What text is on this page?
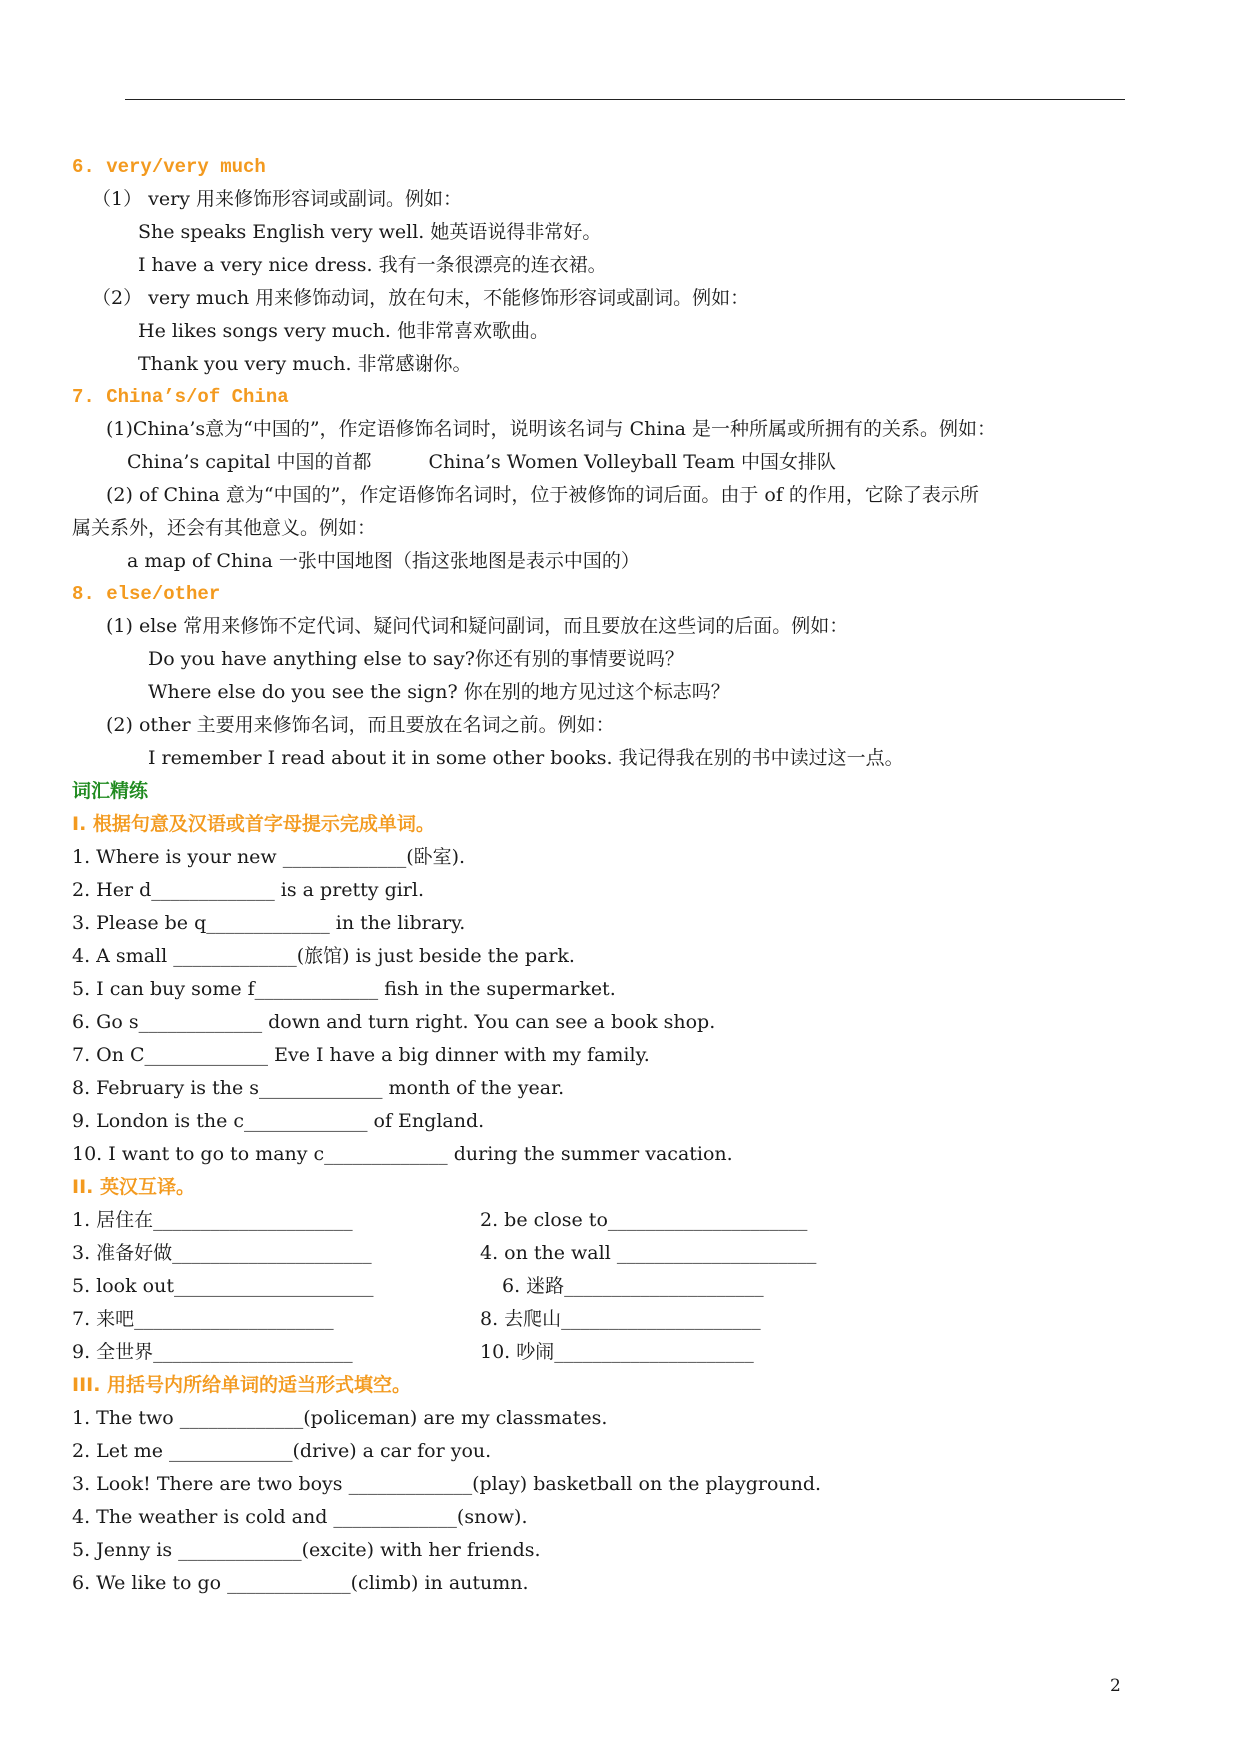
6. very/very much
（1） very 用来修饰形容词或副词。例如：
She speaks English very well. 她英语说得非常好。
I have a very nice dress. 我有一条很漂亮的连衣裙。
（2） very much 用来修饰动词，放在句末，不能修饰形容词或副词。例如：
He likes songs very much. 他非常喜欢歌曲。
Thank you very much. 非常感谢你。
7. China’s/of China
(1)China’s意为“中国的”，作定语修饰名词时，说明该名词与 China 是一种所属或所拥有的关系。例如：
China’s capital 中国的首都　　　China’s Women Volleyball Team 中国女排队
(2) of China 意为“中国的”，作定语修饰名词时，位于被修饰的词后面。由于 of 的作用，它除了表示所
属关系外，还会有其他意义。例如：
a map of China 一张中国地图（指这张地图是表示中国的）
8. else/other
(1) else 常用来修饰不定代词、疑问代词和疑问副词，而且要放在这些词的后面。例如：
Do you have anything else to say?你还有别的事情要说吗？
Where else do you see the sign? 你在别的地方见过这个标志吗？
(2) other 主要用来修饰名词，而且要放在名词之前。例如：
I remember I read about it in some other books. 我记得我在别的书中读过这一点。
词汇精练
I. 根据句意及汉语或首字母提示完成单词。
1. Where is your new _____________(卧室).
2. Her d_____________ is a pretty girl.
3. Please be q_____________ in the library.
4. A small _____________(旅馆) is just beside the park.
5. I can buy some f_____________ fish in the supermarket.
6. Go s_____________ down and turn right. You can see a book shop.
7. On C_____________ Eve I have a big dinner with my family.
8. February is the s_____________ month of the year.
9. London is the c_____________ of England.
10. I want to go to many c_____________ during the summer vacation.
II. 英汉互译。
1. 居住在_____________________
3. 准备好做_____________________
5. look out_____________________
7. 来吧_____________________
9. 全世界_____________________
2. be close to_____________________
4. on the wall _____________________
6. 迷路_____________________
8. 去爬山_____________________
10. 吵闹_____________________
III. 用括号内所给单词的适当形式填空。
1. The two _____________(policeman) are my classmates.
2. Let me _____________(drive) a car for you.
3. Look! There are two boys _____________(play) basketball on the playground.
4. The weather is cold and _____________(snow).
5. Jenny is _____________(excite) with her friends.
6. We like to go _____________(climb) in autumn.
2
